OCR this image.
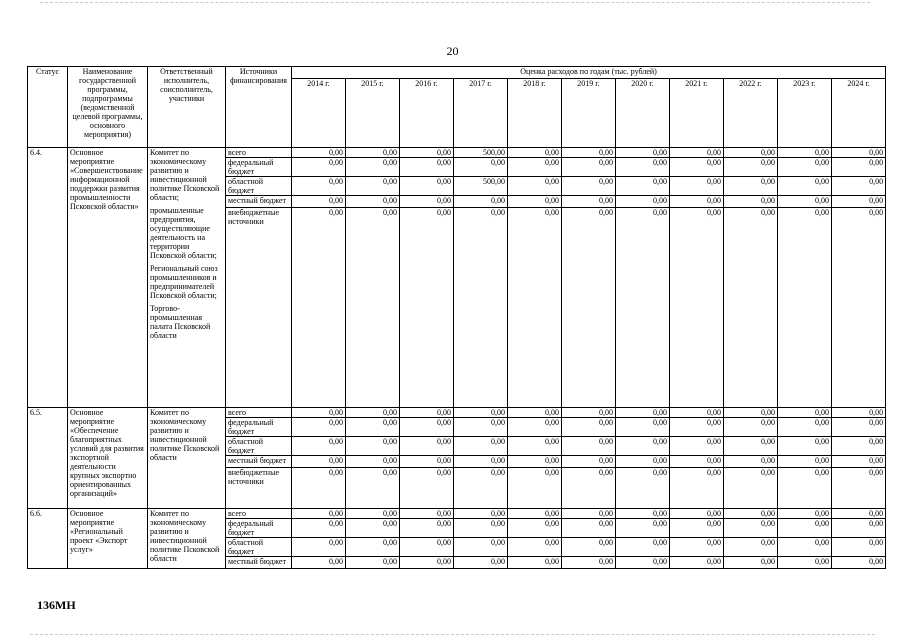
20
Статус	Наименование государственной программы, подпрограммы (ведомственной целевой программы, основного мероприятия)	Ответственный исполнитель, соисполнитель, участники	Источники финансирования	Оценка расходов по годам (тыс. рублей)										
				2014 г.	2015 г.	2016 г.	2017 г.	2018 г.	2019 г.	2020 г.	2021 г.	2022 г.	2023 г.	2024 г.
6.4.	Основное мероприятие «Совершенствование информационной поддержки развития промышленности Псковской области»	Комитет по экономическому развитию и инвестиционной политике Псковской области;
промышленные предприятия, осуществляющие деятельность на территории Псковской области;
Региональный союз промышленников и предпринимателей Псковской области;
Торгово-промышленная палата Псковской области	всего	0,00	0,00	0,00	500,00	0,00	0,00	0,00	0,00	0,00	0,00	0,00
			федеральный бюджет	0,00	0,00	0,00	0,00	0,00	0,00	0,00	0,00	0,00	0,00	0,00
			областной бюджет	0,00	0,00	0,00	500,00	0,00	0,00	0,00	0,00	0,00	0,00	0,00
			местный бюджет	0,00	0,00	0,00	0,00	0,00	0,00	0,00	0,00	0,00	0,00	0,00
			внебюджетные источники	0,00	0,00	0,00	0,00	0,00	0,00	0,00	0,00	0,00	0,00	0,00
6.5.	Основное мероприятие «Обеспечение благоприятных условий для развития экспортной деятельности крупных экспортно ориентированных организаций»	Комитет по экономическому развитию и инвестиционной политике Псковской области	всего	0,00	0,00	0,00	0,00	0,00	0,00	0,00	0,00	0,00	0,00	0,00
			федеральный бюджет	0,00	0,00	0,00	0,00	0,00	0,00	0,00	0,00	0,00	0,00	0,00
			областной бюджет	0,00	0,00	0,00	0,00	0,00	0,00	0,00	0,00	0,00	0,00	0,00
			местный бюджет	0,00	0,00	0,00	0,00	0,00	0,00	0,00	0,00	0,00	0,00	0,00
			внебюджетные источники	0,00	0,00	0,00	0,00	0,00	0,00	0,00	0,00	0,00	0,00	0,00
6.6.	Основное мероприятие «Региональный проект «Экспорт услуг»	Комитет по экономическому развитию и инвестиционной политике Псковской области	всего	0,00	0,00	0,00	0,00	0,00	0,00	0,00	0,00	0,00	0,00	0,00
			федеральный бюджет	0,00	0,00	0,00	0,00	0,00	0,00	0,00	0,00	0,00	0,00	0,00
			областной бюджет	0,00	0,00	0,00	0,00	0,00	0,00	0,00	0,00	0,00	0,00	0,00
			местный бюджет	0,00	0,00	0,00	0,00	0,00	0,00	0,00	0,00	0,00	0,00	0,00
136МН
